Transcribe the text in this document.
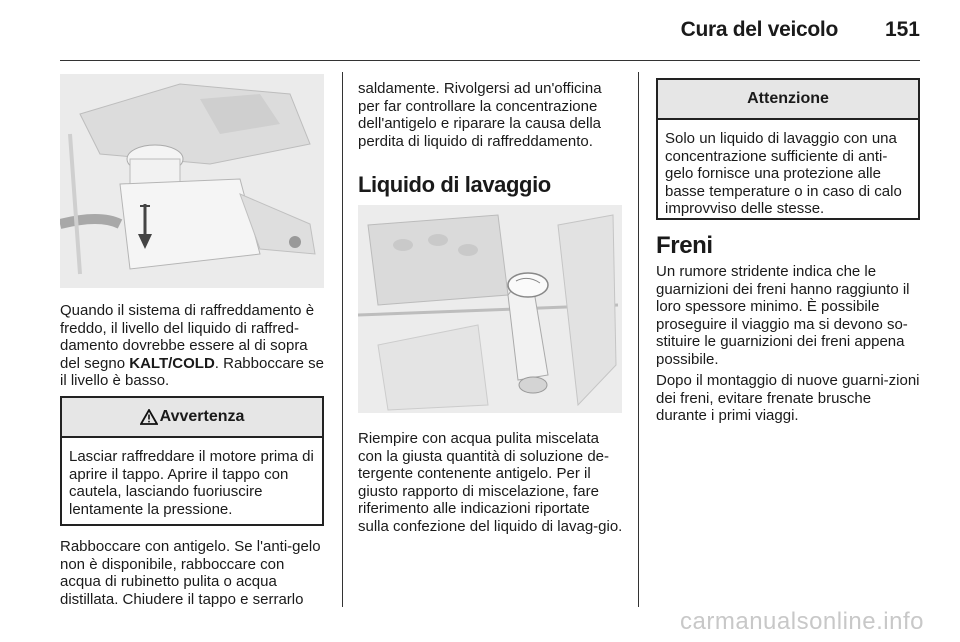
Cura del veicolo 151

Quando il sistema di raffreddamento è freddo, il livello del liquido di raffred-damento dovrebbe essere al di sopra del segno KALT/COLD. Rabboccare se il livello è basso.

Avvertenza
Lasciar raffreddare il motore prima di aprire il tappo. Aprire il tappo con cautela, lasciando fuoriuscire lentamente la pressione.

Rabboccare con antigelo. Se l'anti-gelo non è disponibile, rabboccare con acqua di rubinetto pulita o acqua distillata. Chiudere il tappo e serrarlo

saldamente. Rivolgersi ad un'officina per far controllare la concentrazione dell'antigelo e riparare la causa della perdita di liquido di raffreddamento.

Liquido di lavaggio

Riempire con acqua pulita miscelata con la giusta quantità di soluzione de-tergente contenente antigelo. Per il giusto rapporto di miscelazione, fare riferimento alle indicazioni riportate sulla confezione del liquido di lavag-gio.

Attenzione
Solo un liquido di lavaggio con una concentrazione sufficiente di anti-gelo fornisce una protezione alle basse temperature o in caso di calo improvviso delle stesse.
Freni

Un rumore stridente indica che le guarnizioni dei freni hanno raggiunto il loro spessore minimo. È possibile proseguire il viaggio ma si devono so-stituire le guarnizioni dei freni appena possibile.

Dopo il montaggio di nuove guarni-zioni dei freni, evitare frenate brusche durante i primi viaggi.

carmanualsonline.info
